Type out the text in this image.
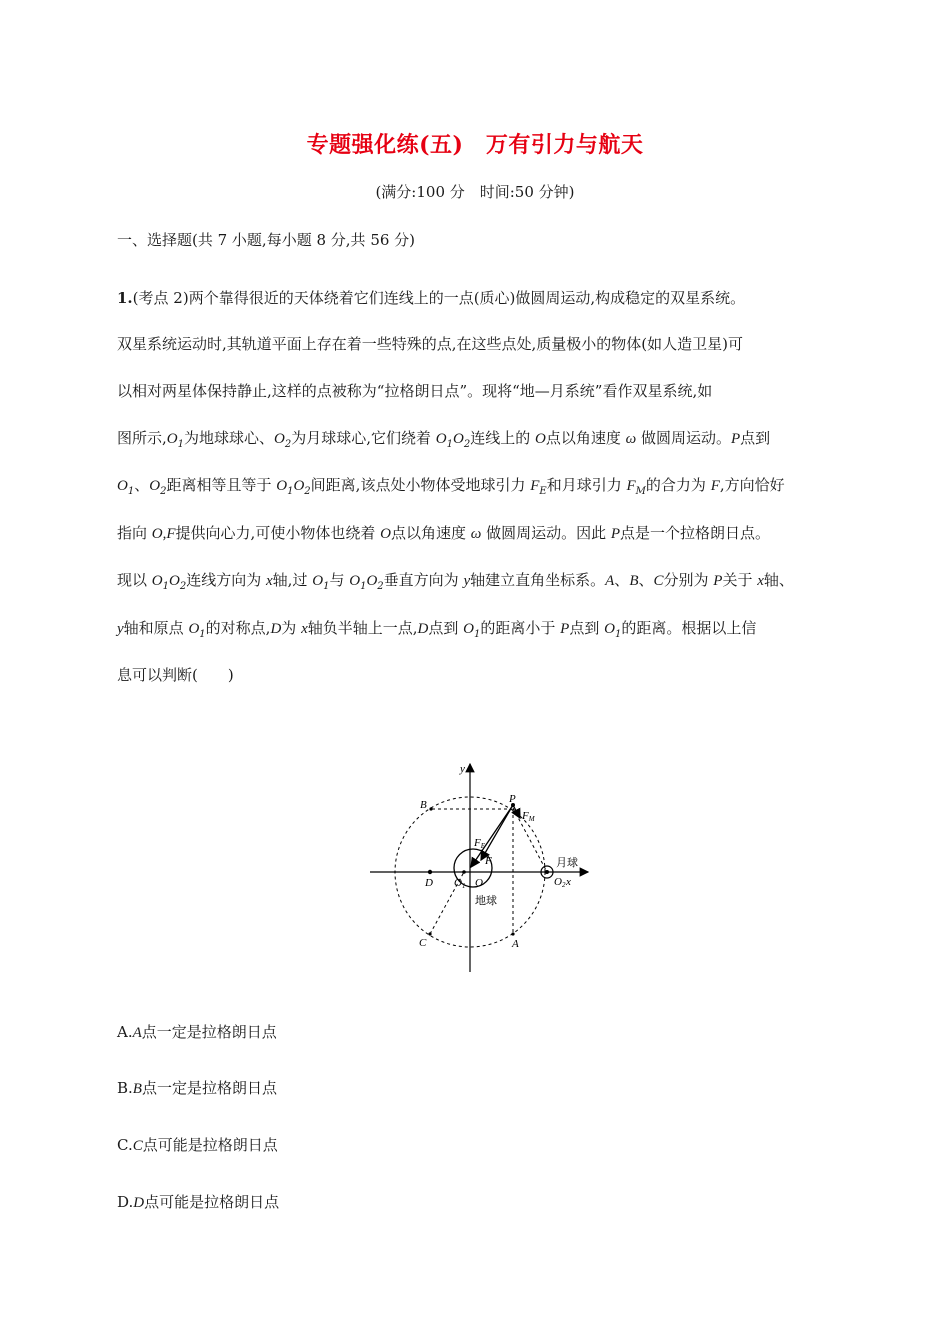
专题强化练(五)　万有引力与航天
(满分:100 分　时间:50 分钟)
一、选择题(共 7 小题,每小题 8 分,共 56 分)
1.(考点 2)两个靠得很近的天体绕着它们连线上的一点(质心)做圆周运动,构成稳定的双星系统。
双星系统运动时,其轨道平面上存在着一些特殊的点,在这些点处,质量极小的物体(如人造卫星)可
以相对两星体保持静止,这样的点被称为“拉格朗日点”。现将“地—月系统”看作双星系统,如
图所示$,O_1$为地球球心、$O_2$为月球球心,它们绕着 $O_1O_2$连线上的 O点以角速度 ω 做圆周运动。P点到
$O_1$、$O_2$距离相等且等于 $O_1O_2$间距离,该点处小物体受地球引力 $F_E$和月球引力 $F_M$的合力为 F,方向恰好
指向 O,F提供向心力,可使小物体也绕着 O点以角速度 ω 做圆周运动。因此 P点是一个拉格朗日点。
现以 $O_1O_2$连线方向为 x轴,过 $O_1$与 $O_1O_2$垂直方向为 y轴建立直角坐标系。A、B、C分别为 P关于 x轴、
y轴和原点 $O_1$的对称点,D为 x轴负半轴上一点,D点到 $O_1$的距离小于 P点到 $O_1$的距离。根据以上信
息可以判断(　　)
y
x
P
B
C	A
D
FM
FE
F
O1 O	O2
地球
月球
A.A点一定是拉格朗日点
B.B点一定是拉格朗日点
C.C点可能是拉格朗日点
D.D点可能是拉格朗日点
